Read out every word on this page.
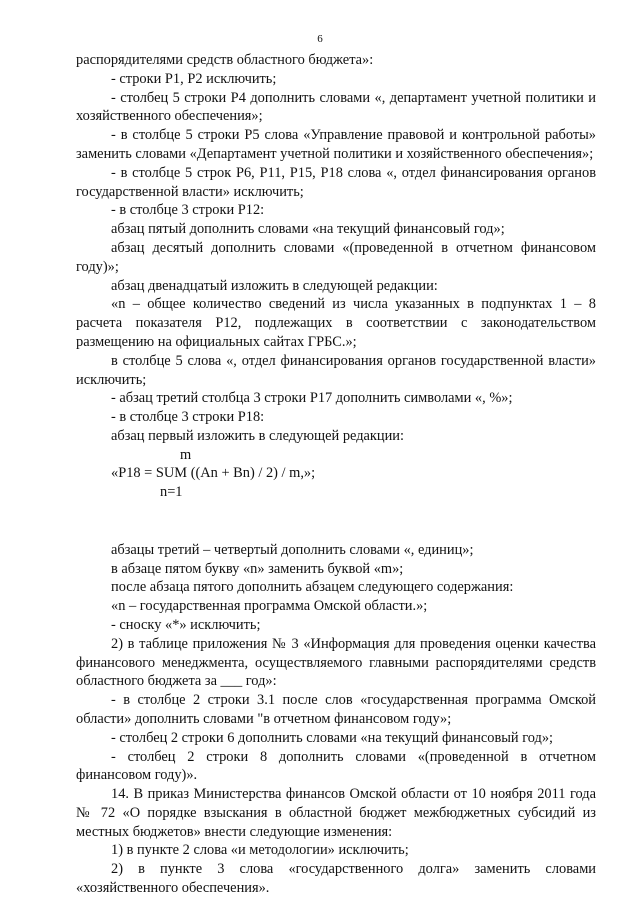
6

распорядителями средств областного бюджета»:

- строки Р1, Р2 исключить;

- столбец 5 строки Р4 дополнить словами «, департамент учетной политики и хозяйственного обеспечения»;

- в столбце 5 строки Р5 слова «Управление правовой и контрольной работы» заменить словами «Департамент учетной политики и хозяйственного обеспечения»;

- в столбце 5 строк Р6, Р11, Р15, Р18 слова «, отдел финансирования органов государственной власти» исключить;

- в столбце 3 строки Р12:

абзац пятый дополнить словами «на текущий финансовый год»;

абзац десятый дополнить словами «(проведенной в отчетном финансовом году)»;

абзац двенадцатый изложить в следующей редакции:

«n – общее количество сведений из числа указанных в подпунктах 1 – 8 расчета показателя Р12, подлежащих в соответствии с законодательством размещению на официальных сайтах ГРБС.»;

в столбце 5 слова «, отдел финансирования органов государственной власти» исключить;

- абзац третий столбца 3 строки Р17 дополнить символами «, %»;

- в столбце 3 строки Р18:

абзац первый изложить в следующей редакции:

m
«P18 = SUM ((An + Bn) / 2) / m,»;
n=1

абзацы третий – четвертый дополнить словами «, единиц»;

в абзаце пятом букву «n» заменить буквой «m»;

после абзаца пятого дополнить абзацем следующего содержания:

«n – государственная программа Омской области.»;

- сноску «*» исключить;

2) в таблице приложения № 3 «Информация для проведения оценки качества финансового менеджмента, осуществляемого главными распорядителями средств областного бюджета за ___ год»:

- в столбце 2 строки 3.1 после слов «государственная программа Омской области» дополнить словами "в отчетном финансовом году»;

- столбец 2 строки 6 дополнить словами «на текущий финансовый год»;

- столбец 2 строки 8 дополнить словами «(проведенной в отчетном финансовом году)».

14. В приказ Министерства финансов Омской области от 10 ноября 2011 года № 72 «О порядке взыскания в областной бюджет межбюджетных субсидий из местных бюджетов» внести следующие изменения:

1) в пункте 2 слова «и методологии» исключить;

2) в пункте 3 слова «государственного долга» заменить словами «хозяйственного обеспечения».
